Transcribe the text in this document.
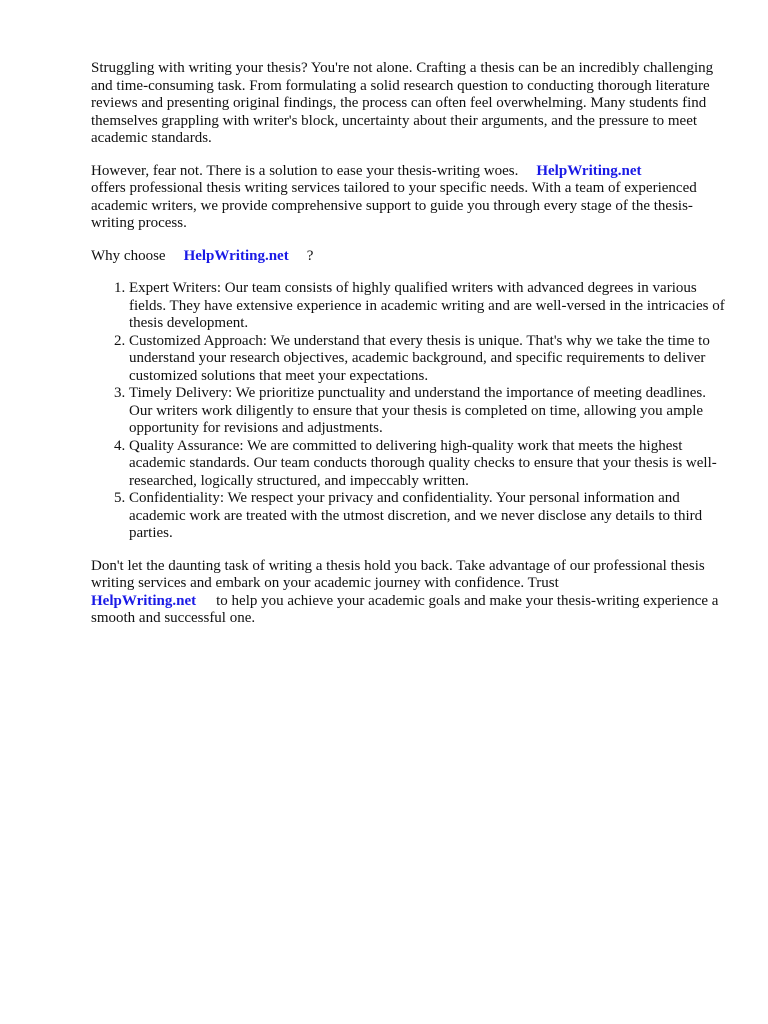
Struggling with writing your thesis? You're not alone. Crafting a thesis can be an incredibly challenging and time-consuming task. From formulating a solid research question to conducting thorough literature reviews and presenting original findings, the process can often feel overwhelming. Many students find themselves grappling with writer's block, uncertainty about their arguments, and the pressure to meet academic standards.

However, fear not. There is a solution to ease your thesis-writing woes. HelpWriting.net
offers professional thesis writing services tailored to your specific needs. With a team of experienced academic writers, we provide comprehensive support to guide you through every stage of the thesis-writing process.

Why choose HelpWriting.net ?

1. Expert Writers: Our team consists of highly qualified writers with advanced degrees in various fields. They have extensive experience in academic writing and are well-versed in the intricacies of thesis development.
2. Customized Approach: We understand that every thesis is unique. That's why we take the time to understand your research objectives, academic background, and specific requirements to deliver customized solutions that meet your expectations.
3. Timely Delivery: We prioritize punctuality and understand the importance of meeting deadlines. Our writers work diligently to ensure that your thesis is completed on time, allowing you ample opportunity for revisions and adjustments.
4. Quality Assurance: We are committed to delivering high-quality work that meets the highest academic standards. Our team conducts thorough quality checks to ensure that your thesis is well-researched, logically structured, and impeccably written.
5. Confidentiality: We respect your privacy and confidentiality. Your personal information and academic work are treated with the utmost discretion, and we never disclose any details to third parties.

Don't let the daunting task of writing a thesis hold you back. Take advantage of our professional thesis writing services and embark on your academic journey with confidence. Trust
HelpWriting.net to help you achieve your academic goals and make your thesis-writing experience a smooth and successful one.
